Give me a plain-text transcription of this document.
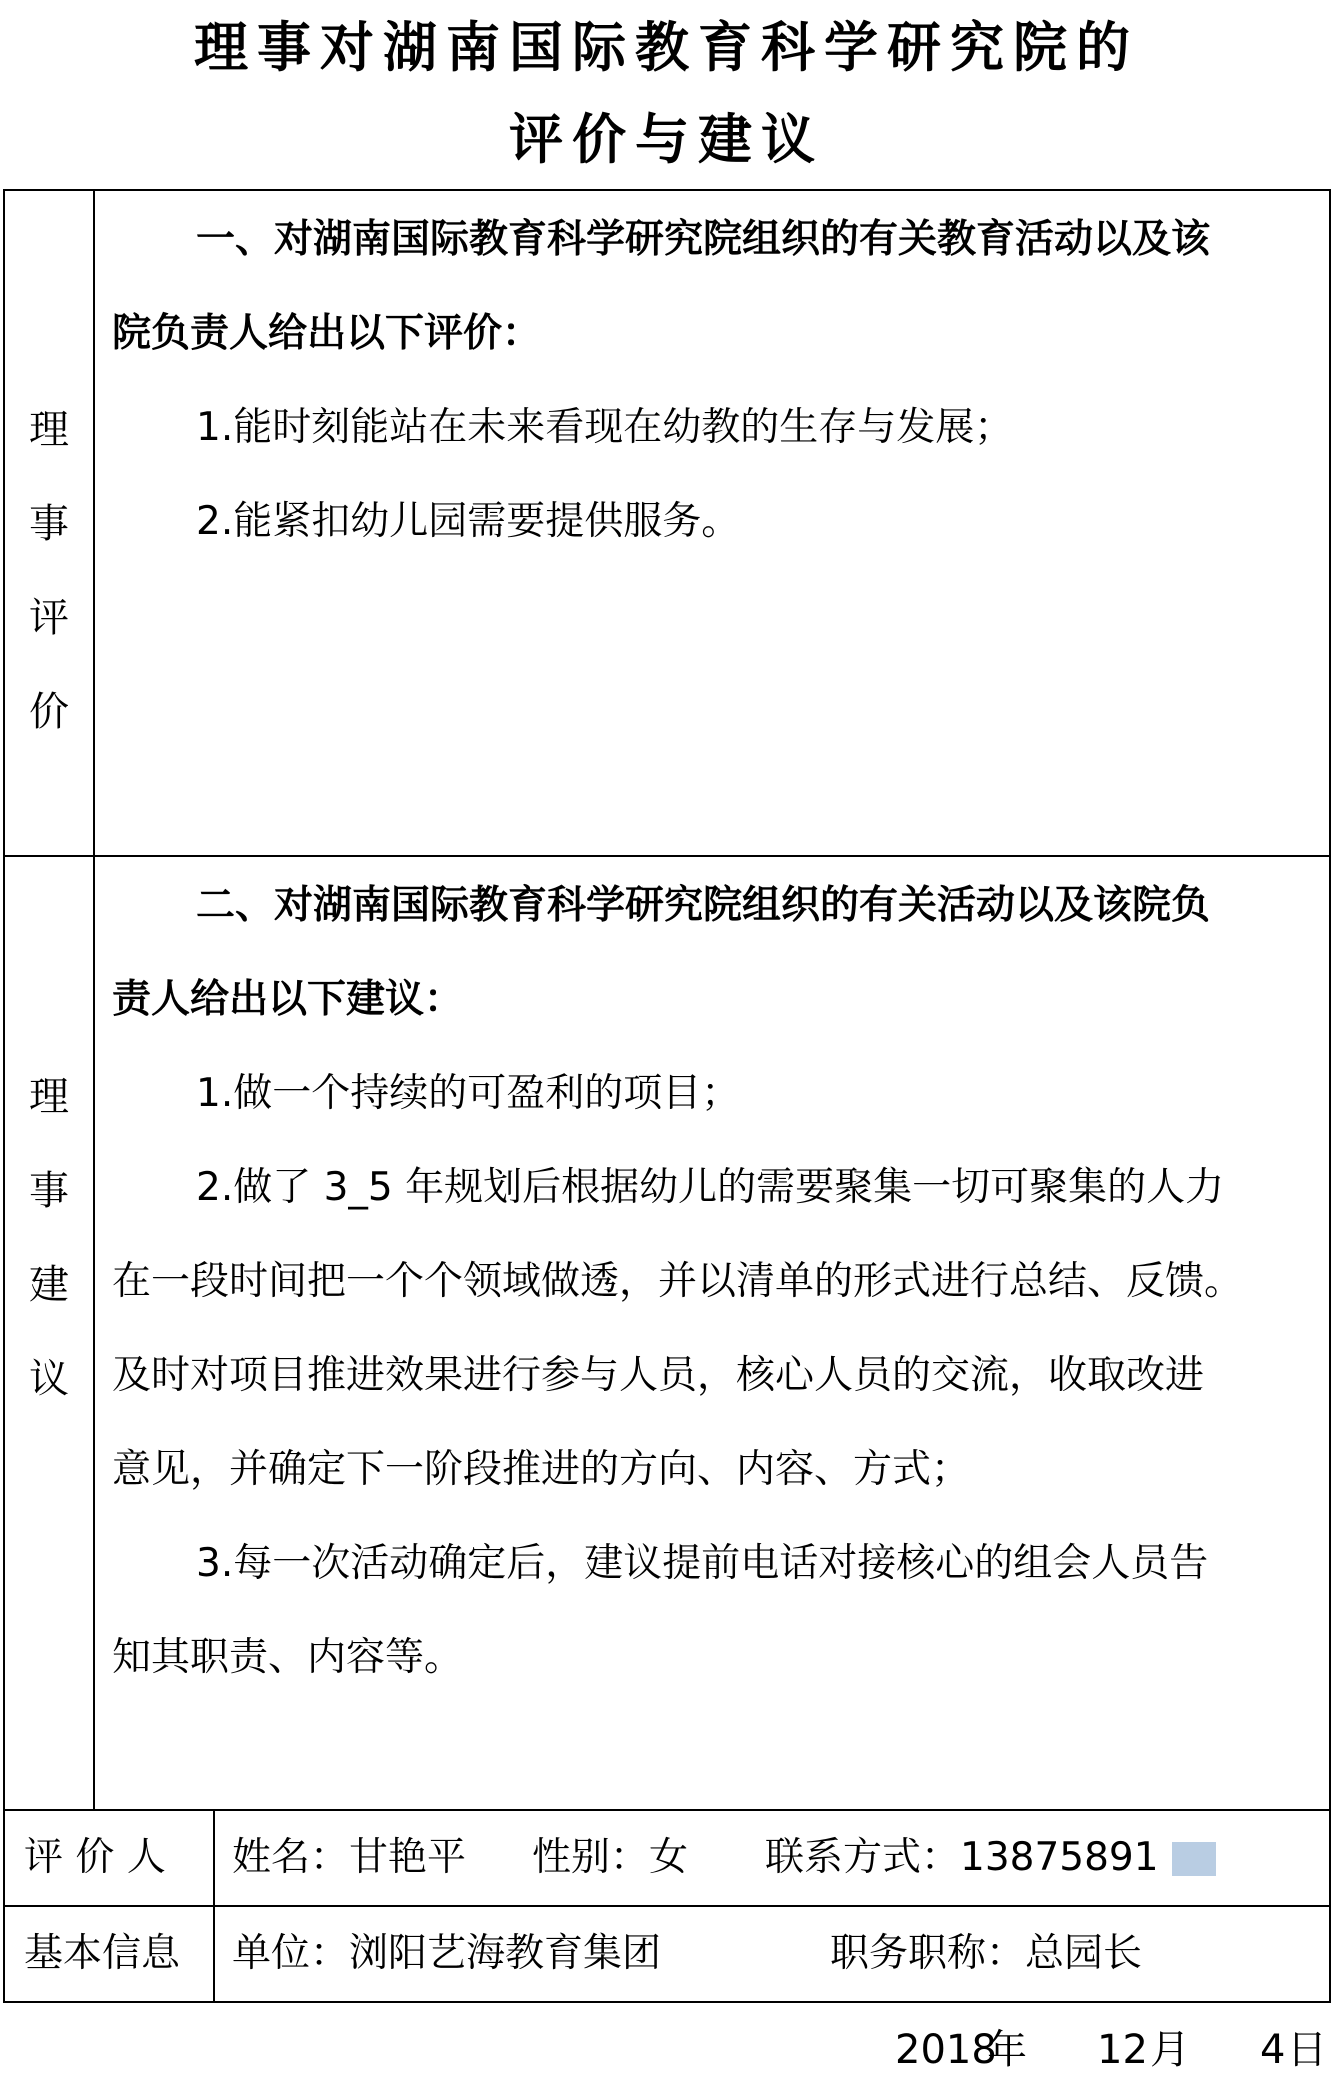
理事对湖南国际教育科学研究院的
评价与建议
理
事
评
价

一、对湖南国际教育科学研究院组织的有关教育活动以及该
院负责人给出以下评价：

1.能时刻能站在未来看现在幼教的生存与发展；

2.能紧扣幼儿园需要提供服务。

理
事
建
议

二、对湖南国际教育科学研究院组织的有关活动以及该院负
责人给出以下建议：

1.做一个持续的可盈利的项目；

2.做了 3_5 年规划后根据幼儿的需要聚集一切可聚集的人力
在一段时间把一个个领域做透，并以清单的形式进行总结、反馈。
及时对项目推进效果进行参与人员，核心人员的交流，收取改进
意见，并确定下一阶段推进的方向、内容、方式；

3.每一次活动确定后，建议提前电话对接核心的组会人员告
知其职责、内容等。

评 价 人
基本信息
姓名：甘艳平 性别：女 联系方式：13875891
单位：浏阳艺海教育集团	职务职称：总园长
2018
年 12 月 4 日
